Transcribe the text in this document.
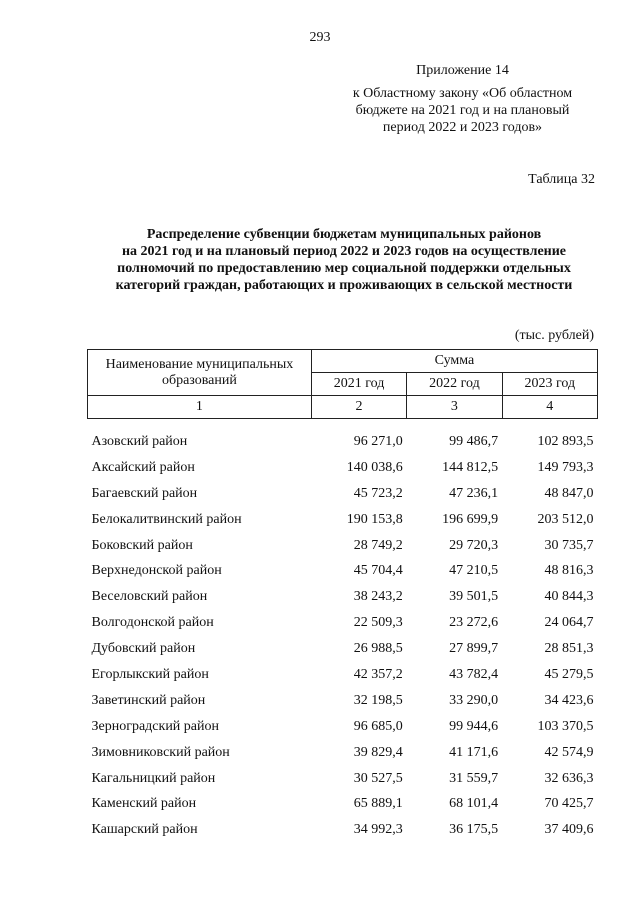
293
Приложение 14
к Областному закону «Об областном
бюджете на 2021 год и на плановый
период 2022 и 2023 годов»
Таблица 32
Распределение субвенции бюджетам муниципальных районов
на 2021 год и на плановый период 2022 и 2023 годов на осуществление
полномочий по предоставлению мер социальной поддержки отдельных
категорий граждан, работающих и проживающих в сельской местности
(тыс. рублей)
Наименование муниципальных образований	Сумма		
	2021 год	2022 год	2023 год
1	2	3	4

Азовский район	96 271,0	99 486,7	102 893,5
Аксайский район	140 038,6	144 812,5	149 793,3
Багаевский район	45 723,2	47 236,1	48 847,0
Белокалитвинский район	190 153,8	196 699,9	203 512,0
Боковский район	28 749,2	29 720,3	30 735,7
Верхнедонской район	45 704,4	47 210,5	48 816,3
Веселовский район	38 243,2	39 501,5	40 844,3
Волгодонской район	22 509,3	23 272,6	24 064,7
Дубовский район	26 988,5	27 899,7	28 851,3
Егорлыкский район	42 357,2	43 782,4	45 279,5
Заветинский район	32 198,5	33 290,0	34 423,6
Зерноградский район	96 685,0	99 944,6	103 370,5
Зимовниковский район	39 829,4	41 171,6	42 574,9
Кагальницкий район	30 527,5	31 559,7	32 636,3
Каменский район	65 889,1	68 101,4	70 425,7
Кашарский район	34 992,3	36 175,5	37 409,6
